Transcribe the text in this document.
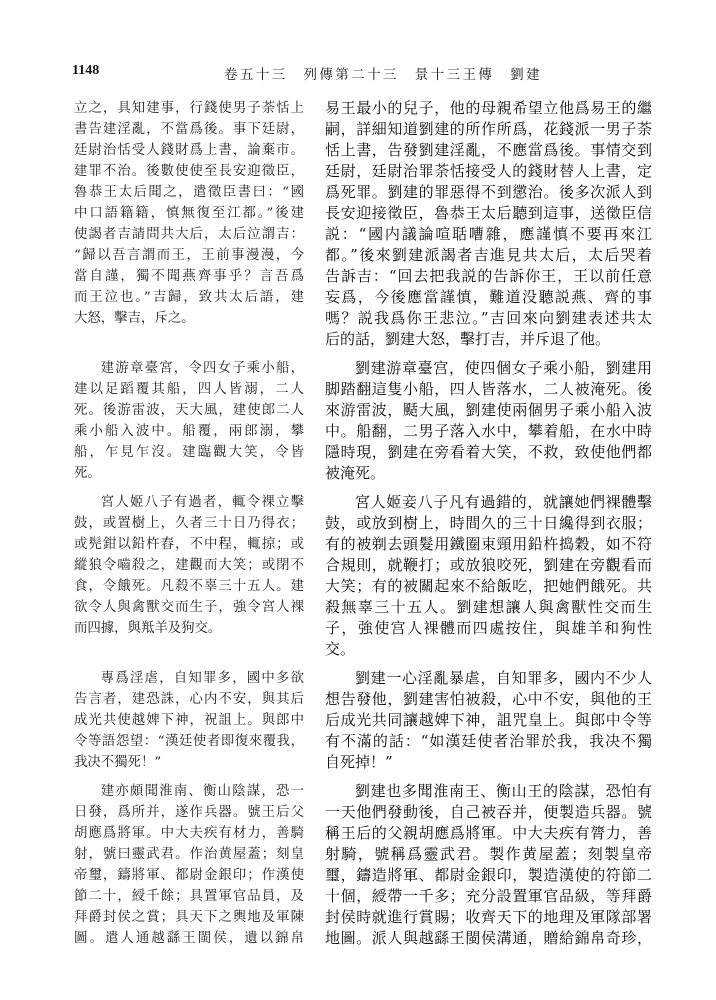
1148	卷五十三　列傳第二十三　景十三王傳　劉建
立之，具知建事，行錢使男子荼恬上
書告建淫亂，不當爲後。事下廷尉，
廷尉治恬受人錢財爲上書，論棄市。
建罪不治。後數使使至長安迎徵臣，
魯恭王太后聞之，遣徵臣書曰：“國
中口語籍籍，慎無復至江都。”後建
使謁者吉請問共大后，太后泣謂吉：
“歸以吾言謂而王，王前事漫漫，今
當自謹，獨不聞燕齊事乎？言吾爲
而王泣也。”吉歸，致共太后語，建
大怒，擊吉，斥之。
易王最小的兒子，他的母親希望立他爲易王的繼
嗣，詳細知道劉建的所作所爲，花錢派一男子荼
恬上書，告發劉建淫亂，不應當爲後。事情交到
廷尉，廷尉治罪荼恬接受人的錢財替人上書，定
爲死罪。劉建的罪惡得不到懲治。後多次派人到
長安迎接徵臣，魯恭王太后聽到這事，送徵臣信
説：“國内議論喧聒嘈雜，應謹慎不要再來江
都。”後來劉建派謁者吉進見共太后，太后哭着
告訴吉：“回去把我説的告訴你王，王以前任意
妄爲，今後應當謹慎，難道没聽説燕、齊的事
嗎？説我爲你王悲泣。”吉回來向劉建表述共太
后的話，劉建大怒，擊打吉，并斥退了他。
建游章臺宮，令四女子乘小船，
建以足蹈覆其船，四人皆溺，二人
死。後游雷波，天大風，建使郎二人
乘小船入波中。船覆，兩郎溺，攀
船，乍見乍沒。建臨觀大笑，令皆
死。
劉建游章臺宫，使四個女子乘小船，劉建用
脚踏翻這隻小船，四人皆落水，二人被淹死。後
來游雷波，颳大風，劉建使兩個男子乘小船入波
中。船翻，二男子落入水中，攀着船，在水中時
隱時現，劉建在旁看着大笑，不救，致使他們都
被淹死。
宮人姬八子有過者，輒令裸立擊
鼓，或置樹上，久者三十日乃得衣；
或髡鉗以鉛杵舂，不中程，輒掠；或
縱狼令嚙殺之，建觀而大笑；或閉不
食，令餓死。凡殺不辜三十五人。建
欲令人與禽獸交而生子，強令宮人裸
而四據，與羝羊及狗交。
宮人姬妾八子凡有過錯的，就讓她們裸體擊
鼓，或放到樹上，時間久的三十日纔得到衣服；
有的被剃去頭髮用鐵圈束頸用鉛杵捣穀，如不符
合規則，就鞭打；或放狼咬死，劉建在旁觀看而
大笑；有的被關起來不給飯吃，把她們餓死。共
殺無辜三十五人。劉建想讓人與禽獸性交而生
子，強使宫人裸體而四處按住，與雄羊和狗性
交。
專爲淫虐，自知罪多，國中多欲
告言者，建恐誅，心内不安，與其后
成光共使越婢下神，祝詛上。與郎中
令等語怨望：“漢廷使者即復來覆我，
我决不獨死！”
劉建一心淫亂暴虐，自知罪多，國内不少人
想告發他，劉建害怕被殺，心中不安，與他的王
后成光共同讓越婢下神，詛咒皇上。與郎中令等
有不滿的話：“如漢廷使者治罪於我，我决不獨
自死掉！”
建亦頗聞淮南、衡山陰謀，恐一
日發，爲所并，遂作兵器。號王后父
胡應爲將軍。中大夫疾有材力，善騎
射，號曰靈武君。作治黄屋蓋；刻皇
帝璽，鑄將軍、都尉金銀印；作漢使
節二十，綬千餘；具置軍官品員，及
拜爵封侯之賞；具天下之輿地及軍陳
圖。遣人通越繇王閩侯，遺以錦帛
劉建也多聞淮南王、衡山王的陰謀，恐怕有
一天他們發動後，自己被吞并，便製造兵器。號
稱王后的父親胡應爲將軍。中大夫疾有膂力，善
射騎，號稱爲靈武君。製作黄屋蓋；刻製皇帝
璽，鑄造將軍、都尉金銀印，製造漢使的符節二
十個，綬帶一千多；充分設置軍官品級，等拜爵
封侯時就進行賞賜；收齊天下的地理及軍隊部署
地圖。派人與越繇王閩侯溝通，贈給錦帛奇珍，
